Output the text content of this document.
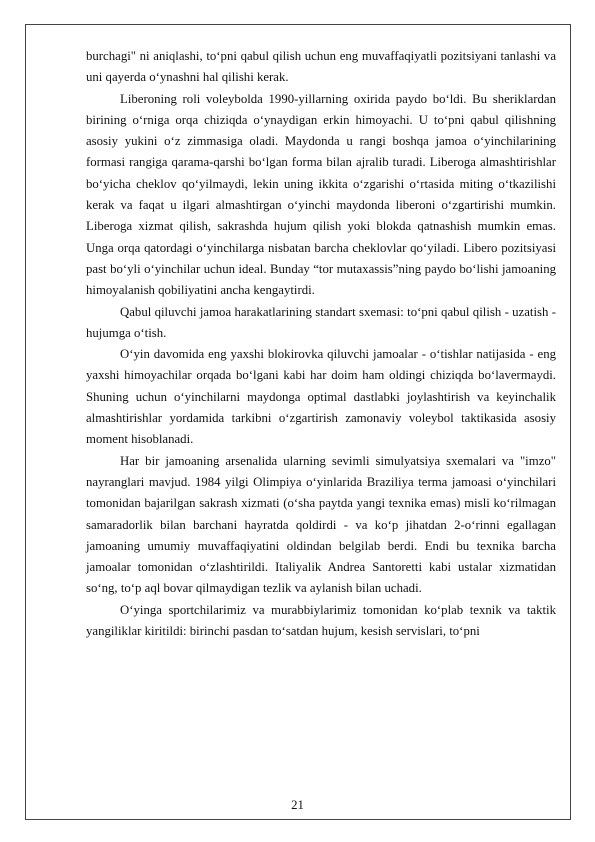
burchagi" ni aniqlashi, to‘pni qabul qilish uchun eng muvaffaqiyatli pozitsiyani tanlashi va uni qayerda o‘ynashni hal qilishi kerak.

Liberoning roli voleybolda 1990-yillarning oxirida paydo bo‘ldi. Bu sheriklardan birining o‘rniga orqa chiziqda o‘ynaydigan erkin himoyachi. U to‘pni qabul qilishning asosiy yukini o‘z zimmasiga oladi. Maydonda u rangi boshqa jamoa o‘yinchilarining formasi rangiga qarama-qarshi bo‘lgan forma bilan ajralib turadi. Liberoga almashtirishlar bo‘yicha cheklov qo‘yilmaydi, lekin uning ikkita o‘zgarishi o‘rtasida miting o‘tkazilishi kerak va faqat u ilgari almashtirgan o‘yinchi maydonda liberoni o‘zgartirishi mumkin. Liberoga xizmat qilish, sakrashda hujum qilish yoki blokda qatnashish mumkin emas. Unga orqa qatordagi o‘yinchilarga nisbatan barcha cheklovlar qo‘yiladi. Libero pozitsiyasi past bo‘yli o‘yinchilar uchun ideal. Bunday “tor mutaxassis”ning paydo bo‘lishi jamoaning himoyalanish qobiliyatini ancha kengaytirdi.

Qabul qiluvchi jamoa harakatlarining standart sxemasi: to‘pni qabul qilish - uzatish - hujumga o‘tish.

O‘yin davomida eng yaxshi blokirovka qiluvchi jamoalar - o‘tishlar natijasida - eng yaxshi himoyachilar orqada bo‘lgani kabi har doim ham oldingi chiziqda bo‘lavermaydi. Shuning uchun o‘yinchilarni maydonga optimal dastlabki joylashtirish va keyinchalik almashtirishlar yordamida tarkibni o‘zgartirish zamonaviy voleybol taktikasida asosiy moment hisoblanadi.

Har bir jamoaning arsenalida ularning sevimli simulyatsiya sxemalari va "imzo" nayranglari mavjud. 1984 yilgi Olimpiya o‘yinlarida Braziliya terma jamoasi o‘yinchilari tomonidan bajarilgan sakrash xizmati (o‘sha paytda yangi texnika emas) misli ko‘rilmagan samaradorlik bilan barchani hayratda qoldirdi - va ko‘p jihatdan 2-o‘rinni egallagan jamoaning umumiy muvaffaqiyatini oldindan belgilab berdi. Endi bu texnika barcha jamoalar tomonidan o‘zlashtirildi. Italiyalik Andrea Santoretti kabi ustalar xizmatidan so‘ng, to‘p aql bovar qilmaydigan tezlik va aylanish bilan uchadi.

O‘yinga sportchilarimiz va murabbiylarimiz tomonidan ko‘plab texnik va taktik yangiliklar kiritildi: birinchi pasdan to‘satdan hujum, kesish servislari, to‘pni

21
